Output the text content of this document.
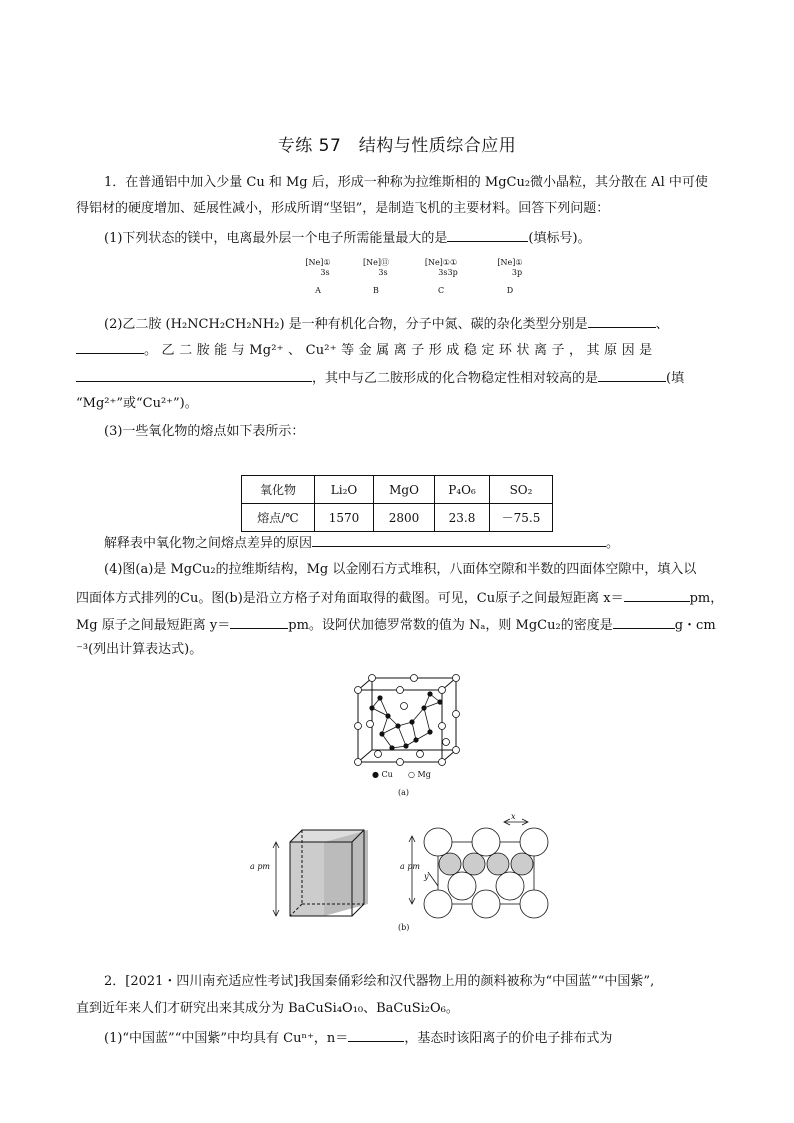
专练 57　结构与性质综合应用
1．在普通铝中加入少量 Cu 和 Mg 后，形成一种称为拉维斯相的 MgCu₂微小晶粒，其分散在 Al 中可使
得铝材的硬度增加、延展性减小，形成所谓“坚铝”，是制造飞机的主要材料。回答下列问题：
(1)下列状态的镁中，电离最外层一个电子所需能量最大的是	(填标号)。
[Ne]①
3s
A
[Ne]⑪
3s
B
[Ne]①①
3s3p
C
[Ne]①
3p
D
(2)乙二胺 (H₂NCH₂CH₂NH₂) 是一种有机化合物，分子中氮、碳的杂化类型分别是	、
。 乙 二 胺 能 与 Mg²⁺ 、 Cu²⁺ 等 金 属 离 子 形 成 稳 定 环 状 离 子 ， 其 原 因 是
，其中与乙二胺形成的化合物稳定性相对较高的是	(填
“Mg²⁺”或“Cu²⁺”)。
(3)一些氧化物的熔点如下表所示：
氧化物	Li₂O	MgO	P₄O₆	SO₂
熔点/℃	1570	2800	23.8	－75.5
解释表中氧化物之间熔点差异的原因	。
(4)图(a)是 MgCu₂的拉维斯结构，Mg 以金刚石方式堆积，八面体空隙和半数的四面体空隙中，填入以
四面体方式排列的Cu。图(b)是沿立方格子对角面取得的截图。可见，Cu原子之间最短距离 x＝	pm，
Mg 原子之间最短距离 y＝	pm。设阿伏加德罗常数的值为 Nₐ，则 MgCu₂的密度是	g・cm
⁻³(列出计算表达式)。
● Cu ○ Mg
(a)
a pm	a pm
x
y
(b)
2．[2021・四川南充适应性考试]我国秦俑彩绘和汉代器物上用的颜料被称为“中国蓝”“中国紫”,
直到近年来人们才研究出来其成分为 BaCuSi₄O₁₀、BaCuSi₂O₆。
(1)“中国蓝”“中国紫”中均具有 Cuⁿ⁺，n＝	，基态时该阳离子的价电子排布式为
